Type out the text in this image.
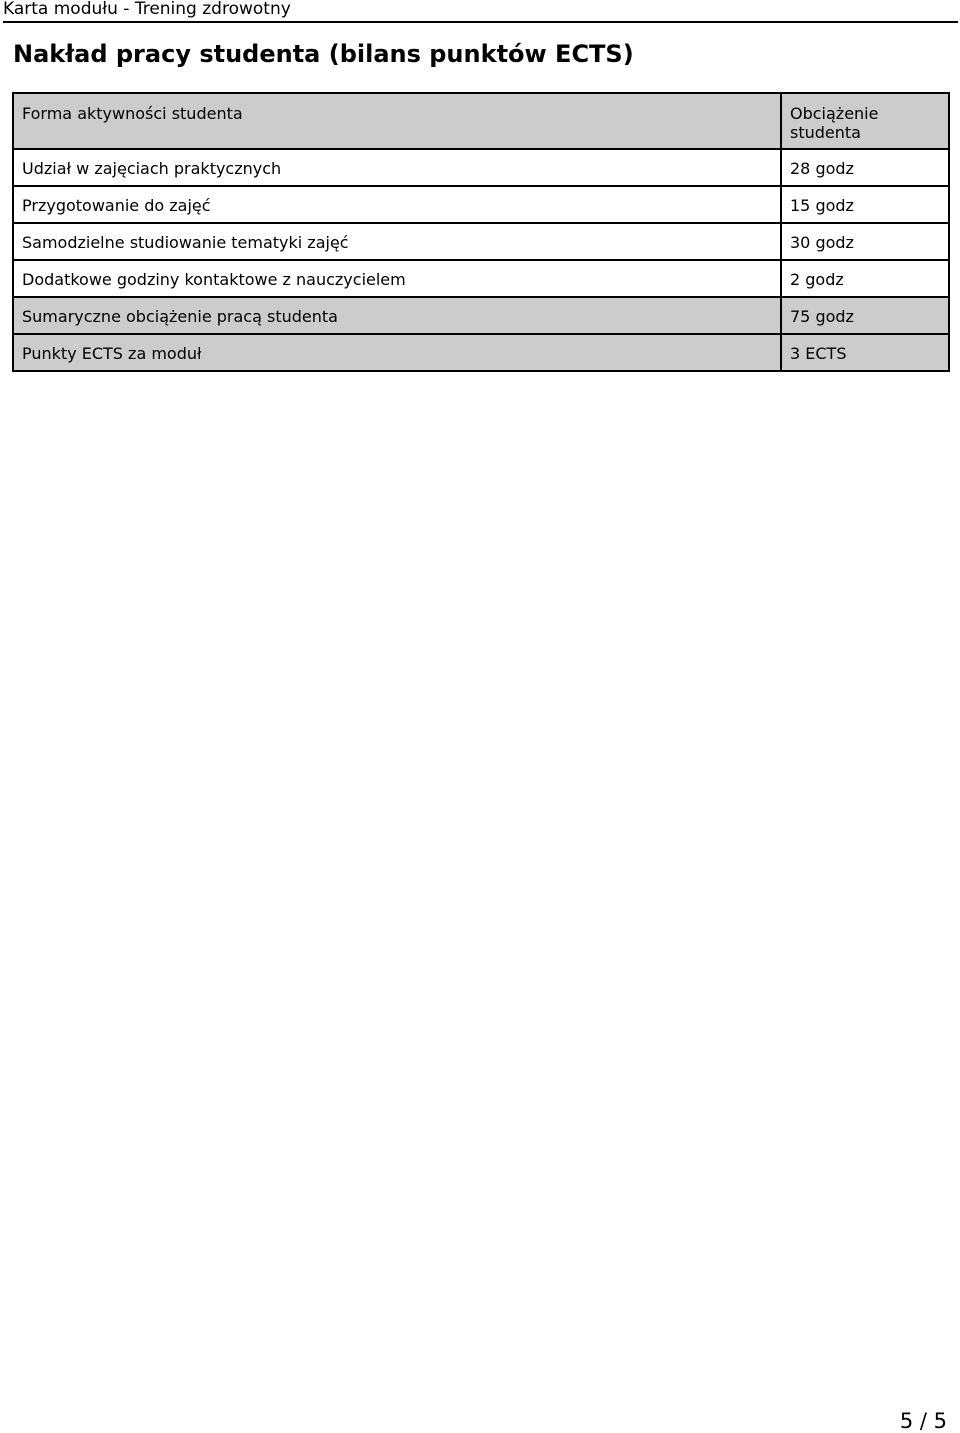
Karta modułu - Trening zdrowotny
Nakład pracy studenta (bilans punktów ECTS)
Forma aktywności studenta	Obciążenie studenta
Udział w zajęciach praktycznych	28 godz
Przygotowanie do zajęć	15 godz
Samodzielne studiowanie tematyki zajęć	30 godz
Dodatkowe godziny kontaktowe z nauczycielem	2 godz
Sumaryczne obciążenie pracą studenta	75 godz
Punkty ECTS za moduł	3 ECTS
5 / 5
